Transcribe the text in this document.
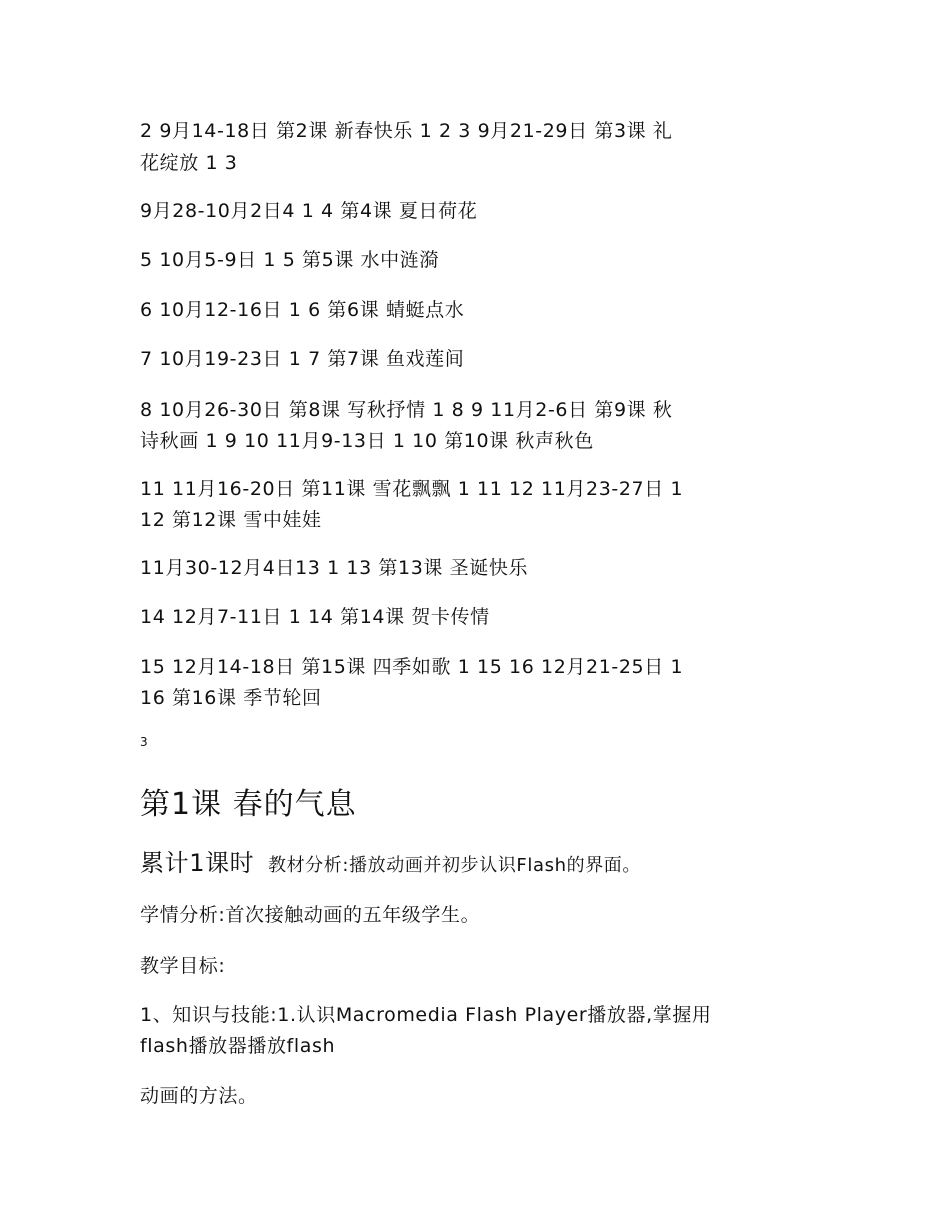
2 9月14-18日 第2课 新春快乐 1 2 3 9月21-29日 第3课 礼
花绽放 1 3
9月28-10月2日4 1 4 第4课 夏日荷花
5 10月5-9日 1 5 第5课 水中涟漪
6 10月12-16日 1 6 第6课 蜻蜓点水
7 10月19-23日 1 7 第7课 鱼戏莲间
8 10月26-30日 第8课 写秋抒情 1 8 9 11月2-6日 第9课 秋
诗秋画 1 9 10 11月9-13日 1 10 第10课 秋声秋色
11 11月16-20日 第11课 雪花飘飘 1 11 12 11月23-27日 1
12 第12课 雪中娃娃
11月30-12月4日13 1 13 第13课 圣诞快乐
14 12月7-11日 1 14 第14课 贺卡传情
15 12月14-18日 第15课 四季如歌 1 15 16 12月21-25日 1
16 第16课 季节轮回
3
第1课 春的气息
累计1课时 教材分析:播放动画并初步认识Flash的界面。
学情分析:首次接触动画的五年级学生。
教学目标:
1、知识与技能:1.认识Macromedia Flash Player播放器,掌握用
flash播放器播放flash
动画的方法。
